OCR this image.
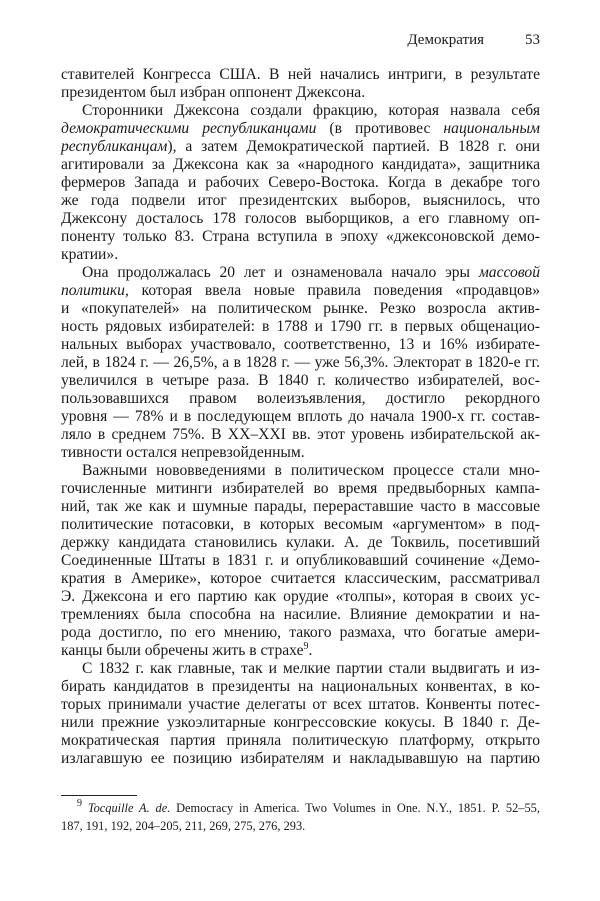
Демократия	53
ставителей Конгресса США. В ней начались интриги, в результате
президентом был избран оппонент Джексона.
Сторонники Джексона создали фракцию, которая назвала себя
демократическими республиканцами (в противовес национальным
республиканцам), а затем Демократической партией. В 1828 г. они
агитировали за Джексона как за «народного кандидата», защитника
фермеров Запада и рабочих Северо-Востока. Когда в декабре того
же года подвели итог президентских выборов, выяснилось, что
Джексону досталось 178 голосов выборщиков, а его главному оп-
поненту только 83. Страна вступила в эпоху «джексоновской демо-
кратии».
Она продолжалась 20 лет и ознаменовала начало эры массовой
политики, которая ввела новые правила поведения «продавцов»
и «покупателей» на политическом рынке. Резко возросла актив-
ность рядовых избирателей: в 1788 и 1790 гг. в первых общенацио-
нальных выборах участвовало, соответственно, 13 и 16% избирате-
лей, в 1824 г. — 26,5%, а в 1828 г. — уже 56,3%. Электорат в 1820-е гг.
увеличился в четыре раза. В 1840 г. количество избирателей, вос-
пользовавшихся правом волеизъявления, достигло рекордного
уровня — 78% и в последующем вплоть до начала 1900-х гг. состав-
ляло в среднем 75%. В XX–XXI вв. этот уровень избирательской ак-
тивности остался непревзойденным.
Важными нововведениями в политическом процессе стали мно-
гочисленные митинги избирателей во время предвыборных кампа-
ний, так же как и шумные парады, перераставшие часто в массовые
политические потасовки, в которых весомым «аргументом» в под-
держку кандидата становились кулаки. А. де Токвиль, посетивший
Соединенные Штаты в 1831 г. и опубликовавший сочинение «Демо-
кратия в Америке», которое считается классическим, рассматривал
Э. Джексона и его партию как орудие «толпы», которая в своих ус-
тремлениях была способна на насилие. Влияние демократии и на-
рода достигло, по его мнению, такого размаха, что богатые амери-
канцы были обречены жить в страхе$^9$.
С 1832 г. как главные, так и мелкие партии стали выдвигать и из-
бирать кандидатов в президенты на национальных конвентах, в ко-
торых принимали участие делегаты от всех штатов. Конвенты потес-
нили прежние узкоэлитарные конгрессовские кокусы. В 1840 г. Де-
мократическая партия приняла политическую платформу, открыто
излагавшую ее позицию избирателям и накладывавшую на партию
$^9$ Tocquille A. de. Democracy in America. Two Volumes in One. N.Y., 1851. P. 52–55,
187, 191, 192, 204–205, 211, 269, 275, 276, 293.
